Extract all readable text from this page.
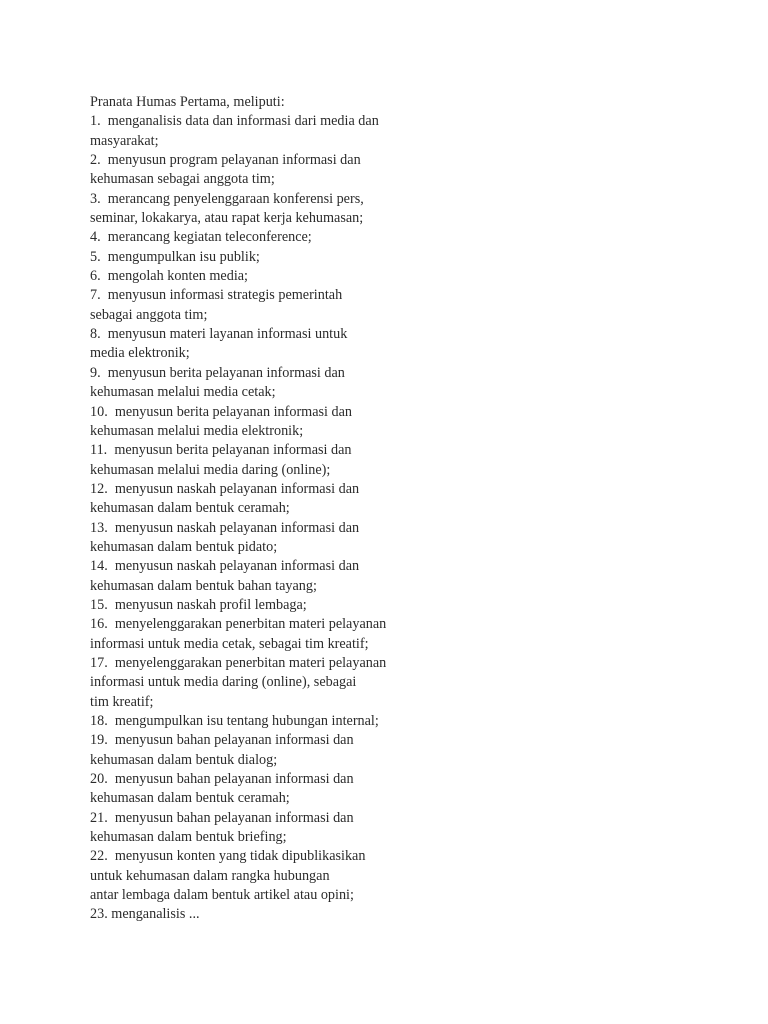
Pranata Humas Pertama, meliputi:
1. menganalisis data dan informasi dari media dan
masyarakat;
2. menyusun program pelayanan informasi dan
kehumasan sebagai anggota tim;
3. merancang penyelenggaraan konferensi pers,
seminar, lokakarya, atau rapat kerja kehumasan;
4. merancang kegiatan teleconference;
5. mengumpulkan isu publik;
6. mengolah konten media;
7. menyusun informasi strategis pemerintah
sebagai anggota tim;
8. menyusun materi layanan informasi untuk
media elektronik;
9. menyusun berita pelayanan informasi dan
kehumasan melalui media cetak;
10. menyusun berita pelayanan informasi dan
kehumasan melalui media elektronik;
11. menyusun berita pelayanan informasi dan
kehumasan melalui media daring (online);
12. menyusun naskah pelayanan informasi dan
kehumasan dalam bentuk ceramah;
13. menyusun naskah pelayanan informasi dan
kehumasan dalam bentuk pidato;
14. menyusun naskah pelayanan informasi dan
kehumasan dalam bentuk bahan tayang;
15. menyusun naskah profil lembaga;
16. menyelenggarakan penerbitan materi pelayanan
informasi untuk media cetak, sebagai tim kreatif;
17. menyelenggarakan penerbitan materi pelayanan
informasi untuk media daring (online), sebagai
tim kreatif;
18. mengumpulkan isu tentang hubungan internal;
19. menyusun bahan pelayanan informasi dan
kehumasan dalam bentuk dialog;
20. menyusun bahan pelayanan informasi dan
kehumasan dalam bentuk ceramah;
21. menyusun bahan pelayanan informasi dan
kehumasan dalam bentuk briefing;
22. menyusun konten yang tidak dipublikasikan
untuk kehumasan dalam rangka hubungan
antar lembaga dalam bentuk artikel atau opini;
23. menganalisis ...
